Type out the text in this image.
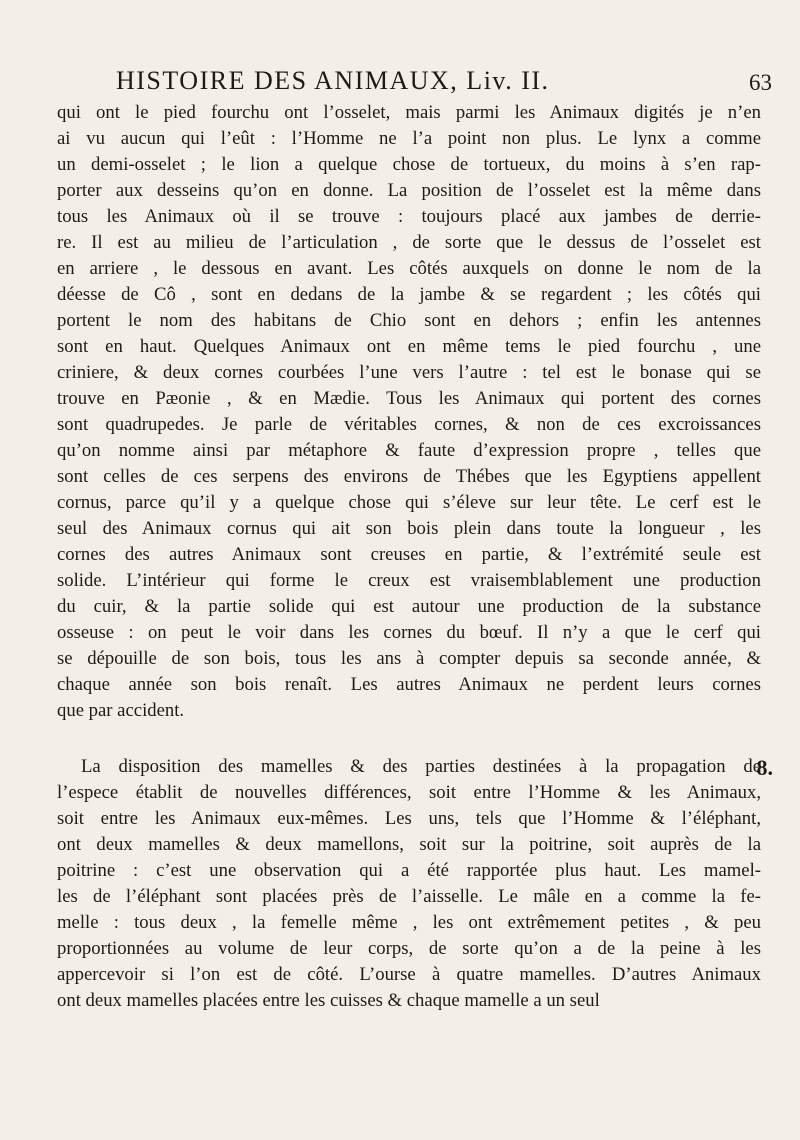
HISTOIRE DES ANIMAUX, Liv. II.	63
qui ont le pied fourchu ont l’osselet, mais parmi les Animaux digités je n’en
ai vu aucun qui l’eût : l’Homme ne l’a point non plus. Le lynx a comme
un demi-osselet ; le lion a quelque chose de tortueux, du moins à s’en rap-
porter aux desseins qu’on en donne. La position de l’osselet est la même dans
tous les Animaux où il se trouve : toujours placé aux jambes de derrie-
re. Il est au milieu de l’articulation , de sorte que le dessus de l’osselet est
en arriere , le dessous en avant. Les côtés auxquels on donne le nom de la
déesse de Cô , sont en dedans de la jambe & se regardent ; les côtés qui
portent le nom des habitans de Chio sont en dehors ; enfin les antennes
sont en haut. Quelques Animaux ont en même tems le pied fourchu , une
criniere, & deux cornes courbées l’une vers l’autre : tel est le bonase qui se
trouve en Pæonie , & en Mædie. Tous les Animaux qui portent des cornes
sont quadrupedes. Je parle de véritables cornes, & non de ces excroissances
qu’on nomme ainsi par métaphore & faute d’expression propre , telles que
sont celles de ces serpens des environs de Thébes que les Egyptiens appellent
cornus, parce qu’il y a quelque chose qui s’éleve sur leur tête. Le cerf est le
seul des Animaux cornus qui ait son bois plein dans toute la longueur , les
cornes des autres Animaux sont creuses en partie, & l’extrémité seule est
solide. L’intérieur qui forme le creux est vraisemblablement une production
du cuir, & la partie solide qui est autour une production de la substance
osseuse : on peut le voir dans les cornes du bœuf. Il n’y a que le cerf qui
se dépouille de son bois, tous les ans à compter depuis sa seconde année, &
chaque année son bois renaît. Les autres Animaux ne perdent leurs cornes
que par accident.
La disposition des mamelles & des parties destinées à la propagation de
l’espece établit de nouvelles différences, soit entre l’Homme & les Animaux,
soit entre les Animaux eux-mêmes. Les uns, tels que l’Homme & l’éléphant,
ont deux mamelles & deux mamellons, soit sur la poitrine, soit auprès de la
poitrine : c’est une observation qui a été rapportée plus haut. Les mamel-
les de l’éléphant sont placées près de l’aisselle. Le mâle en a comme la fe-
melle : tous deux , la femelle même , les ont extrêmement petites , & peu
proportionnées au volume de leur corps, de sorte qu’on a de la peine à les
appercevoir si l’on est de côté. L’ourse à quatre mamelles. D’autres Animaux
ont deux mamelles placées entre les cuisses & chaque mamelle a un seul
8.
